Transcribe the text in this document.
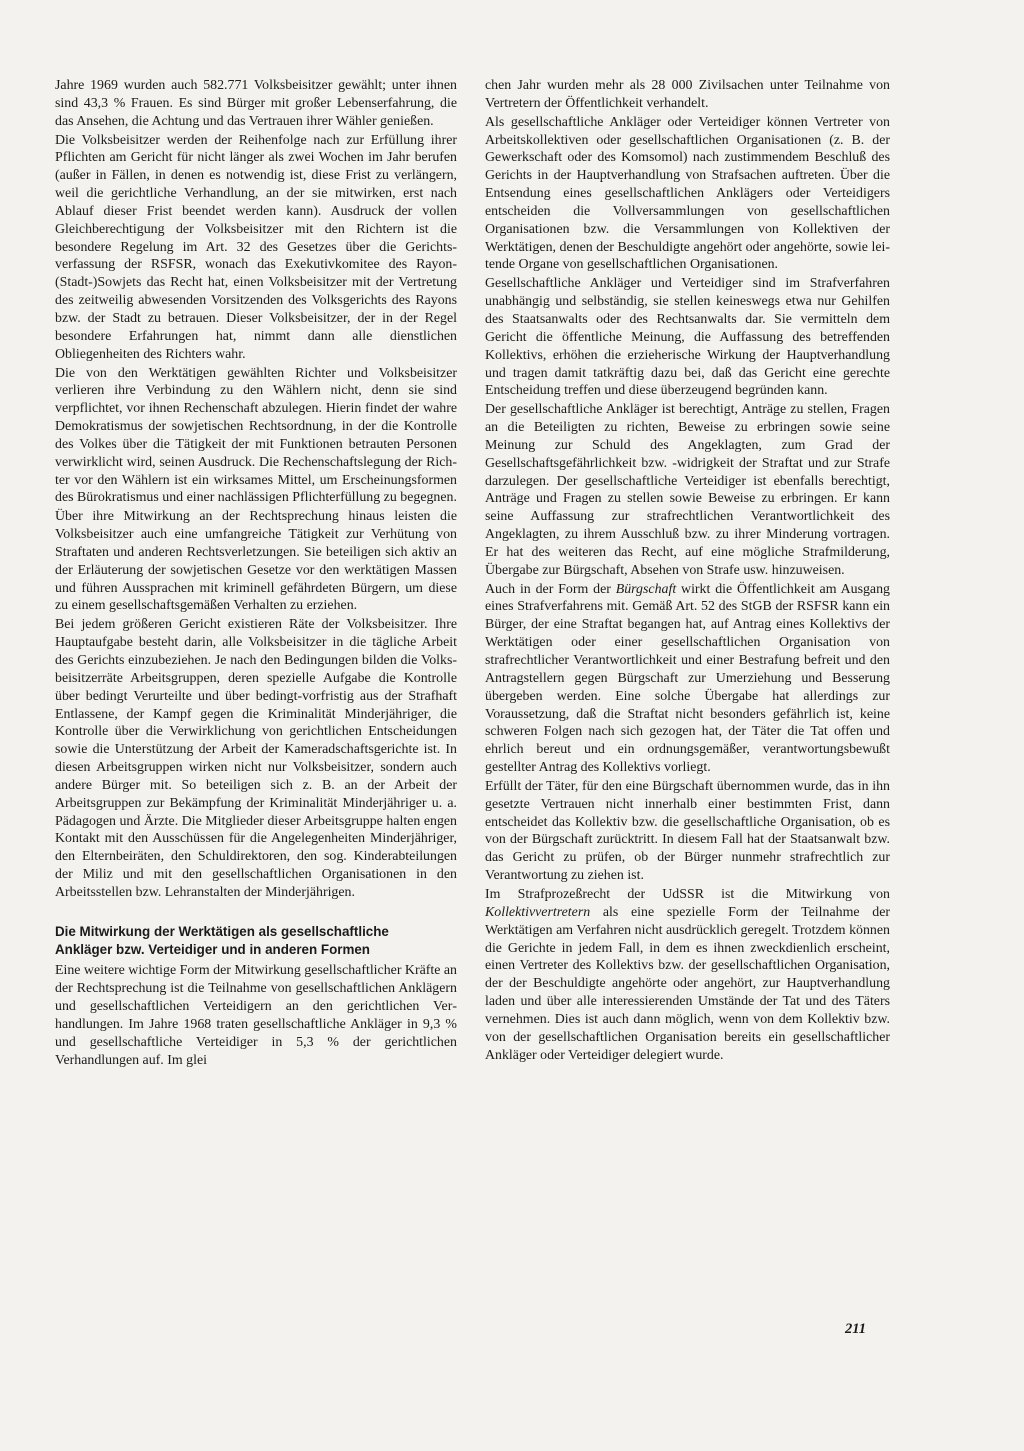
Jahre 1969 wurden auch 582.771 Volksbeisitzer gewählt; unter ihnen sind 43,3 % Frauen. Es sind Bürger mit großer Lebenserfahrung, die das Ansehen, die Achtung und das Vertrauen ihrer Wähler genießen.

Die Volksbeisitzer werden der Reihenfolge nach zur Erfüllung ihrer Pflichten am Gericht für nicht länger als zwei Wochen im Jahr berufen (außer in Fällen, in denen es notwendig ist, diese Frist zu verlängern, weil die gerichtliche Verhandlung, an der sie mitwirken, erst nach Ablauf dieser Frist beendet werden kann). Ausdruck der vollen Gleichberechtigung der Volksbeisitzer mit den Richtern ist die besondere Regelung im Art. 32 des Gesetzes über die Gerichtsverfassung der RSFSR, wonach das Exekutivkomitee des Rayon-(Stadt-)Sowjets das Recht hat, einen Volksbeisitzer mit der Vertretung des zeitweilig abwesenden Vorsitzenden des Volksgerichts des Rayons bzw. der Stadt zu betrauen. Dieser Volksbeisitzer, der in der Regel besondere Erfahrungen hat, nimmt dann alle dienstlichen Obliegenheiten des Richters wahr.

Die von den Werktätigen gewählten Richter und Volksbeisitzer verlieren ihre Verbindung zu den Wählern nicht, denn sie sind verpflichtet, vor ihnen Rechenschaft abzulegen. Hierin findet der wahre Demokratismus der sowjetischen Rechtsordnung, in der die Kontrolle des Volkes über die Tätigkeit der mit Funktionen betrauten Personen verwirklicht wird, seinen Ausdruck. Die Rechenschaftslegung der Richter vor den Wählern ist ein wirksames Mittel, um Erscheinungsformen des Bürokratismus und einer nachlässigen Pflichterfüllung zu begegnen.

Über ihre Mitwirkung an der Rechtsprechung hinaus leisten die Volksbeisitzer auch eine umfangreiche Tätigkeit zur Verhütung von Straftaten und anderen Rechtsverletzungen. Sie beteiligen sich aktiv an der Erläuterung der sowjetischen Gesetze vor den werktätigen Massen und führen Aussprachen mit kriminell gefährdeten Bürgern, um diese zu einem gesellschaftsgemäßen Verhalten zu erziehen.

Bei jedem größeren Gericht existieren Räte der Volksbeisitzer. Ihre Hauptaufgabe besteht darin, alle Volksbeisitzer in die tägliche Arbeit des Gerichts einzubeziehen. Je nach den Bedingungen bilden die Volksbeisitzerräte Arbeitsgruppen, deren spezielle Aufgabe die Kontrolle über bedingt Verurteilte und über bedingt-vorfristig aus der Strafhaft Entlassene, der Kampf gegen die Kriminalität Minderjähriger, die Kontrolle über die Verwirklichung von gerichtlichen Entscheidungen sowie die Unterstützung der Arbeit der Kameradschaftsgerichte ist. In diesen Arbeitsgruppen wirken nicht nur Volksbeisitzer, sondern auch andere Bürger mit. So beteiligen sich z. B. an der Arbeit der Arbeitsgruppen zur Bekämpfung der Kriminalität Minderjähriger u. a. Pädagogen und Ärzte. Die Mitglieder dieser Arbeitsgruppe halten engen Kontakt mit den Ausschüssen für die Angelegenheiten Minderjähriger, den Elternbeiräten, den Schuldirektoren, den sog. Kinderabteilungen der Miliz und mit den gesellschaftlichen Organisationen in den Arbeitsstellen bzw. Lehranstalten der Minderjährigen.

Die Mitwirkung der Werktätigen als gesellschaftliche
Ankläger bzw. Verteidiger und in anderen Formen

Eine weitere wichtige Form der Mitwirkung gesellschaftlicher Kräfte an der Rechtsprechung ist die Teilnahme von gesellschaftlichen Anklägern und gesellschaftlichen Verteidigern an den gerichtlichen Verhandlungen. Im Jahre 1968 traten gesellschaftliche Ankläger in 9,3 % und gesellschaftliche Verteidiger in 5,3 % der gerichtlichen Verhandlungen auf. Im glei

chen Jahr wurden mehr als 28 000 Zivilsachen unter Teilnahme von Vertretern der Öffentlichkeit verhandelt.

Als gesellschaftliche Ankläger oder Verteidiger können Vertreter von Arbeitskollektiven oder gesellschaftlichen Organisationen (z. B. der Gewerkschaft oder des Komsomol) nach zustimmendem Beschluß des Gerichts in der Hauptverhandlung von Strafsachen auftreten. Über die Entsendung eines gesellschaftlichen Anklägers oder Verteidigers entscheiden die Vollversammlungen von gesellschaftlichen Organisationen bzw. die Versammlungen von Kollektiven der Werktätigen, denen der Beschuldigte angehört oder angehörte, sowie leitende Organe von gesellschaftlichen Organisationen.

Gesellschaftliche Ankläger und Verteidiger sind im Strafverfahren unabhängig und selbständig, sie stellen keineswegs etwa nur Gehilfen des Staatsanwalts oder des Rechtsanwalts dar. Sie vermitteln dem Gericht die öffentliche Meinung, die Auffassung des betreffenden Kollektivs, erhöhen die erzieherische Wirkung der Hauptverhandlung und tragen damit tatkräftig dazu bei, daß das Gericht eine gerechte Entscheidung treffen und diese überzeugend begründen kann.

Der gesellschaftliche Ankläger ist berechtigt, Anträge zu stellen, Fragen an die Beteiligten zu richten, Beweise zu erbringen sowie seine Meinung zur Schuld des Angeklagten, zum Grad der Gesellschaftsgefährlichkeit bzw. -widrigkeit der Straftat und zur Strafe darzulegen. Der gesellschaftliche Verteidiger ist ebenfalls berechtigt, Anträge und Fragen zu stellen sowie Beweise zu erbringen. Er kann seine Auffassung zur strafrechtlichen Verantwortlichkeit des Angeklagten, zu ihrem Ausschluß bzw. zu ihrer Minderung vortragen. Er hat des weiteren das Recht, auf eine mögliche Strafmilderung, Übergabe zur Bürgschaft, Absehen von Strafe usw. hinzuweisen.

Auch in der Form der Bürgschaft wirkt die Öffentlichkeit am Ausgang eines Strafverfahrens mit. Gemäß Art. 52 des StGB der RSFSR kann ein Bürger, der eine Straftat begangen hat, auf Antrag eines Kollektivs der Werktätigen oder einer gesellschaftlichen Organisation von strafrechtlicher Verantwortlichkeit und einer Bestrafung befreit und den Antragstellern gegen Bürgschaft zur Umerziehung und Besserung übergeben werden. Eine solche Übergabe hat allerdings zur Voraussetzung, daß die Straftat nicht besonders gefährlich ist, keine schweren Folgen nach sich gezogen hat, der Täter die Tat offen und ehrlich bereut und ein ordnungsgemäßer, verantwortungsbewußt gestellter Antrag des Kollektivs vorliegt.

Erfüllt der Täter, für den eine Bürgschaft übernommen wurde, das in ihn gesetzte Vertrauen nicht innerhalb einer bestimmten Frist, dann entscheidet das Kollektiv bzw. die gesellschaftliche Organisation, ob es von der Bürgschaft zurücktritt. In diesem Fall hat der Staatsanwalt bzw. das Gericht zu prüfen, ob der Bürger nunmehr strafrechtlich zur Verantwortung zu ziehen ist.

Im Strafprozeßrecht der UdSSR ist die Mitwirkung von Kollektivvertretern als eine spezielle Form der Teilnahme der Werktätigen am Verfahren nicht ausdrücklich geregelt. Trotzdem können die Gerichte in jedem Fall, in dem es ihnen zweckdienlich erscheint, einen Vertreter des Kollektivs bzw. der gesellschaftlichen Organisation, der der Beschuldigte angehörte oder angehört, zur Hauptverhandlung laden und über alle interessierenden Umstände der Tat und des Täters vernehmen. Dies ist auch dann möglich, wenn von dem Kollektiv bzw. von der gesellschaftlichen Organisation bereits ein gesellschaftlicher Ankläger oder Verteidiger delegiert wurde.

211
